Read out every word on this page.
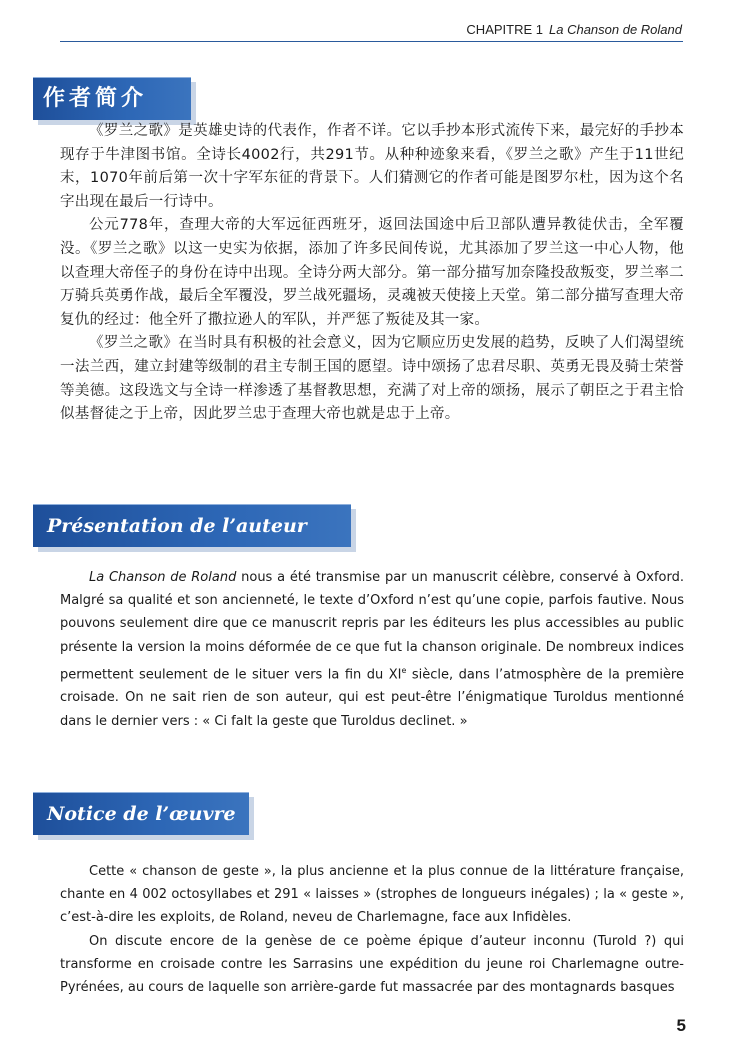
CHAPITRE 1 La Chanson de Roland
作者简介

《罗兰之歌》是英雄史诗的代表作，作者不详。它以手抄本形式流传下来，最完好的手抄本现存于牛津图书馆。全诗长4002行，共291节。从种种迹象来看，《罗兰之歌》产生于11世纪末，1070年前后第一次十字军东征的背景下。人们猜测它的作者可能是图罗尔杜，因为这个名字出现在最后一行诗中。

公元778年，查理大帝的大军远征西班牙，返回法国途中后卫部队遭异教徒伏击，全军覆没。《罗兰之歌》以这一史实为依据，添加了许多民间传说，尤其添加了罗兰这一中心人物，他以查理大帝侄子的身份在诗中出现。全诗分两大部分。第一部分描写加奈隆投敌叛变，罗兰率二万骑兵英勇作战，最后全军覆没，罗兰战死疆场，灵魂被天使接上天堂。第二部分描写查理大帝复仇的经过：他全歼了撒拉逊人的军队，并严惩了叛徒及其一家。

《罗兰之歌》在当时具有积极的社会意义，因为它顺应历史发展的趋势，反映了人们渴望统一法兰西，建立封建等级制的君主专制王国的愿望。诗中颂扬了忠君尽职、英勇无畏及骑士荣誉等美德。这段选文与全诗一样渗透了基督教思想，充满了对上帝的颂扬，展示了朝臣之于君主恰似基督徒之于上帝，因此罗兰忠于查理大帝也就是忠于上帝。

Présentation de l’auteur

La Chanson de Roland nous a été transmise par un manuscrit célèbre, conservé à Oxford. Malgré sa qualité et son ancienneté, le texte d’Oxford n’est qu’une copie, parfois fautive. Nous pouvons seulement dire que ce manuscrit repris par les éditeurs les plus accessibles au public présente la version la moins déformée de ce que fut la chanson originale. De nombreux indices permettent seulement de le situer vers la fin du XIe siècle, dans l’atmosphère de la première croisade. On ne sait rien de son auteur, qui est peut-être l’énigmatique Turoldus mentionné dans le dernier vers : « Ci falt la geste que Turoldus declinet. »

Notice de l’œuvre

Cette « chanson de geste », la plus ancienne et la plus connue de la littérature française, chante en 4 002 octosyllabes et 291 « laisses » (strophes de longueurs inégales) ; la « geste », c’est-à-dire les exploits, de Roland, neveu de Charlemagne, face aux Infidèles.

On discute encore de la genèse de ce poème épique d’auteur inconnu (Turold ?) qui transforme en croisade contre les Sarrasins une expédition du jeune roi Charlemagne outre-Pyrénées, au cours de laquelle son arrière-garde fut massacrée par des montagnards basques

5
